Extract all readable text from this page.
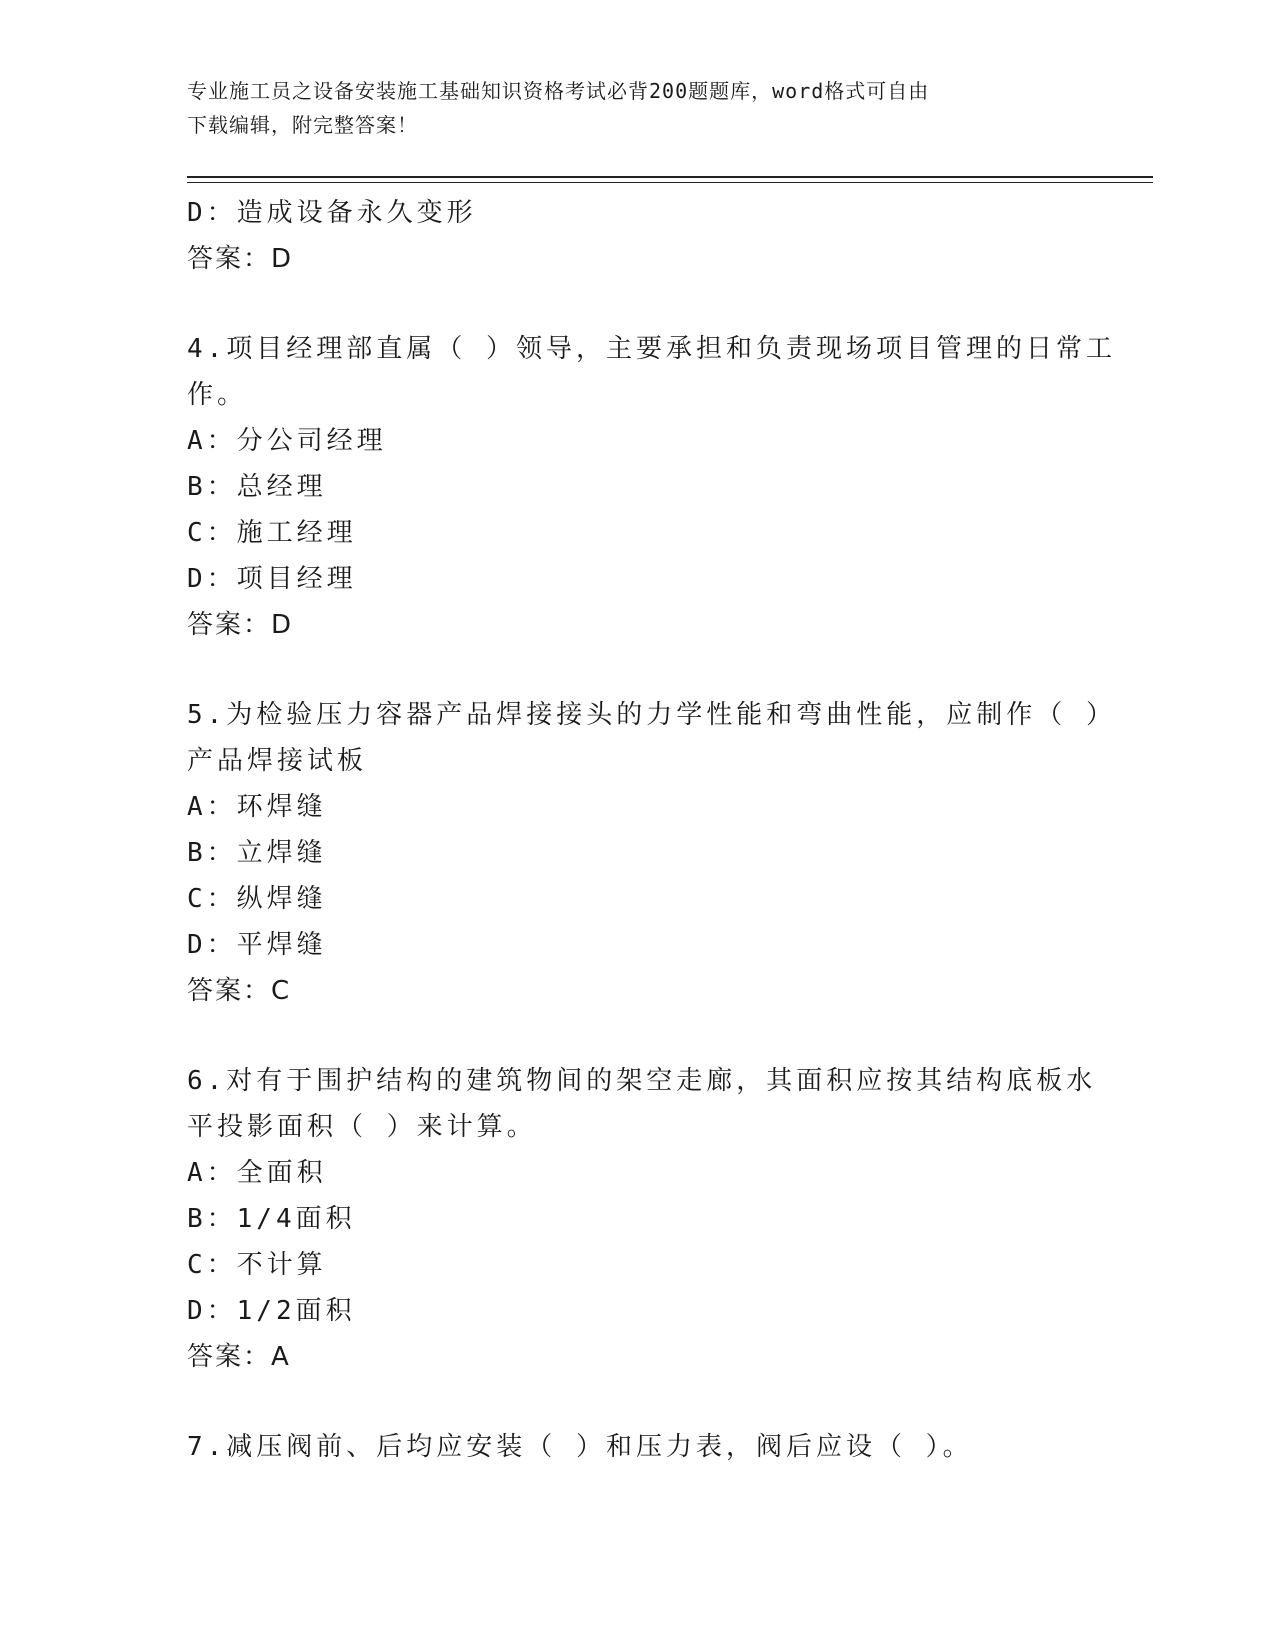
专业施工员之设备安装施工基础知识资格考试必背200题题库，word格式可自由
下载编辑，附完整答案！
D：造成设备永久变形
答案：D
4.项目经理部直属（ ）领导，主要承担和负责现场项目管理的日常工
作。
A：分公司经理
B：总经理
C：施工经理
D：项目经理
答案：D
5.为检验压力容器产品焊接接头的力学性能和弯曲性能，应制作（ ）
产品焊接试板
A：环焊缝
B：立焊缝
C：纵焊缝
D：平焊缝
答案：C
6.对有于围护结构的建筑物间的架空走廊，其面积应按其结构底板水
平投影面积（ ）来计算。
A：全面积
B：1/4面积
C：不计算
D：1/2面积
答案：A
7.减压阀前、后均应安装（ ）和压力表，阀后应设（ ）。
